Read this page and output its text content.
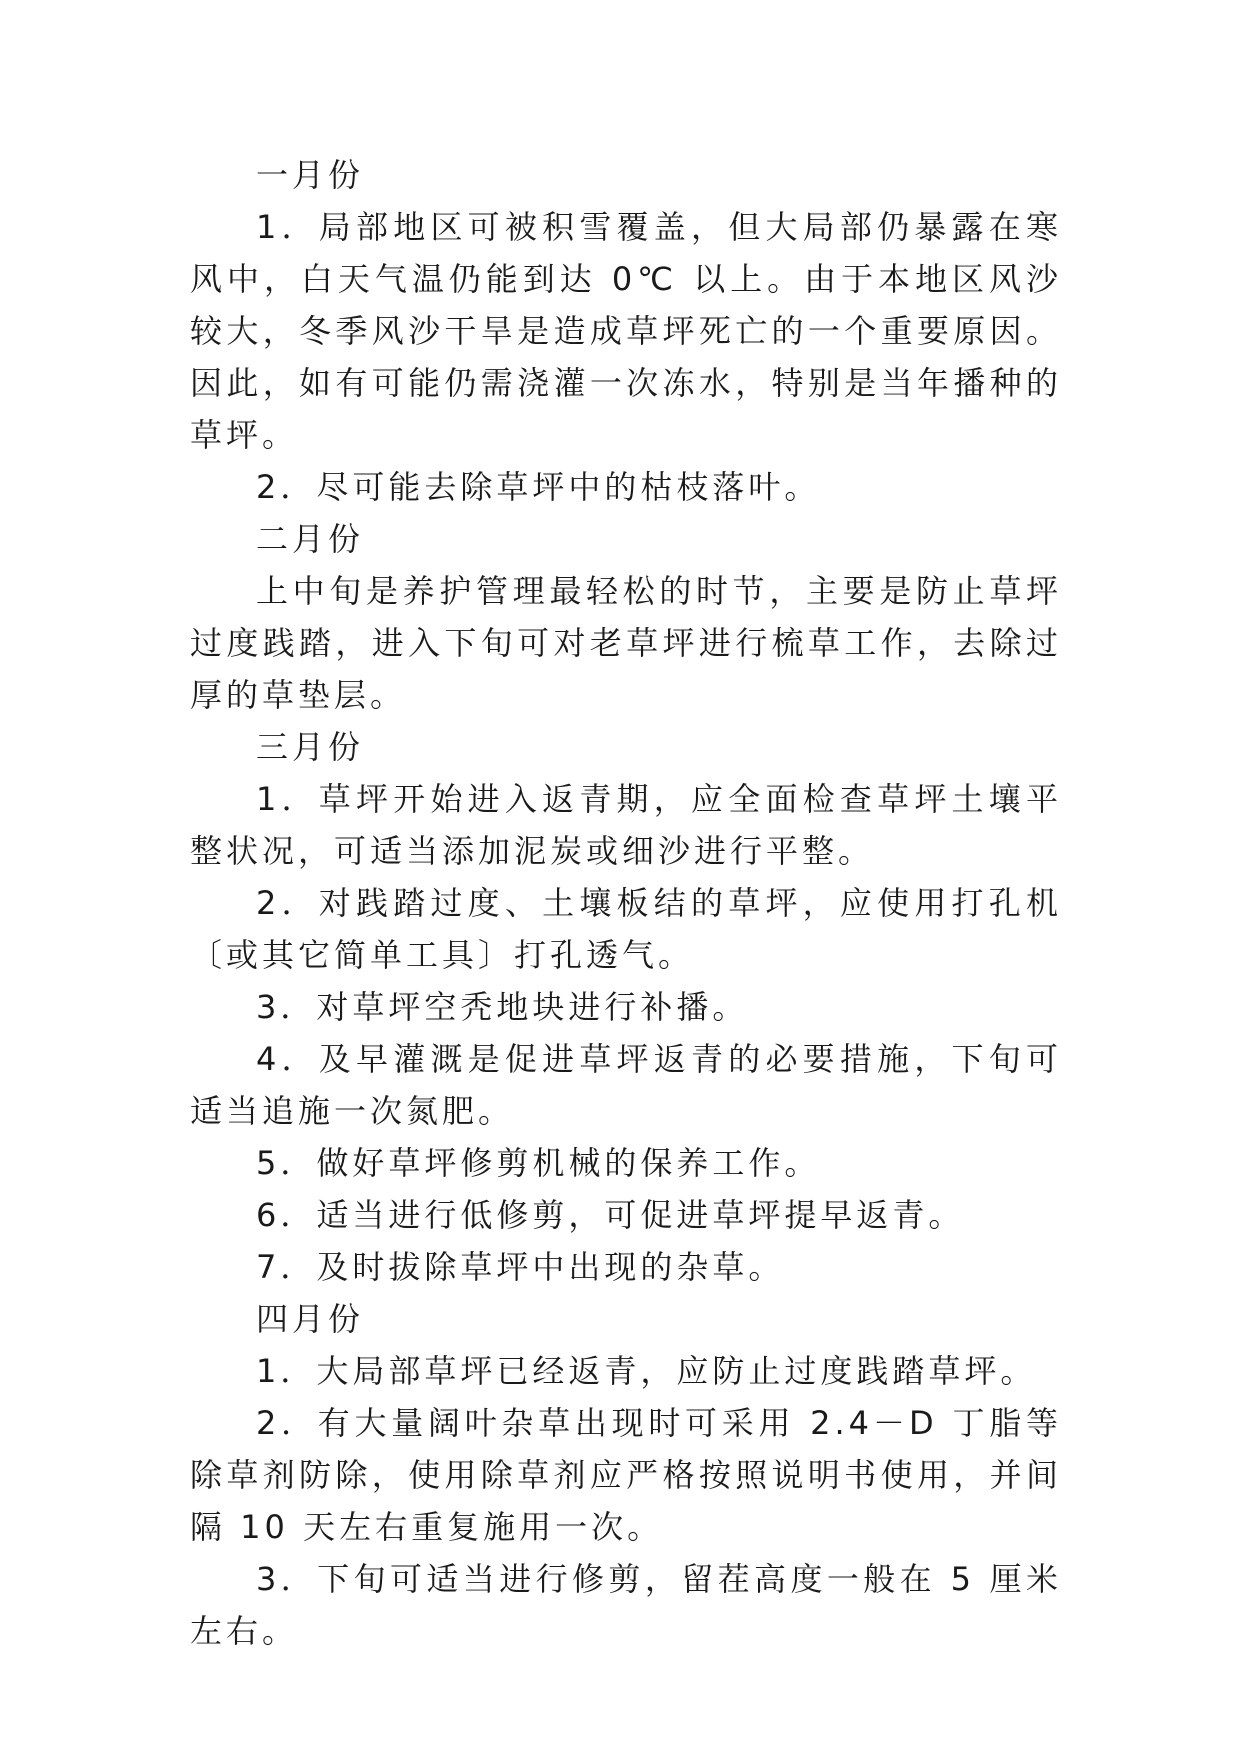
一月份

1．局部地区可被积雪覆盖，但大局部仍暴露在寒风中，白天气温仍能到达 0℃ 以上。由于本地区风沙较大，冬季风沙干旱是造成草坪死亡的一个重要原因。因此，如有可能仍需浇灌一次冻水，特别是当年播种的草坪。

2．尽可能去除草坪中的枯枝落叶。

二月份

上中旬是养护管理最轻松的时节，主要是防止草坪过度践踏，进入下旬可对老草坪进行梳草工作，去除过厚的草垫层。

三月份

1．草坪开始进入返青期，应全面检查草坪土壤平整状况，可适当添加泥炭或细沙进行平整。

2．对践踏过度、土壤板结的草坪，应使用打孔机〔或其它简单工具〕打孔透气。

3．对草坪空秃地块进行补播。

4．及早灌溉是促进草坪返青的必要措施，下旬可适当追施一次氮肥。

5．做好草坪修剪机械的保养工作。

6．适当进行低修剪，可促进草坪提早返青。

7．及时拔除草坪中出现的杂草。

四月份

1．大局部草坪已经返青，应防止过度践踏草坪。

2．有大量阔叶杂草出现时可采用 2.4－D 丁脂等除草剂防除，使用除草剂应严格按照说明书使用，并间隔 10 天左右重复施用一次。

3．下旬可适当进行修剪，留茬高度一般在 5 厘米左右。
